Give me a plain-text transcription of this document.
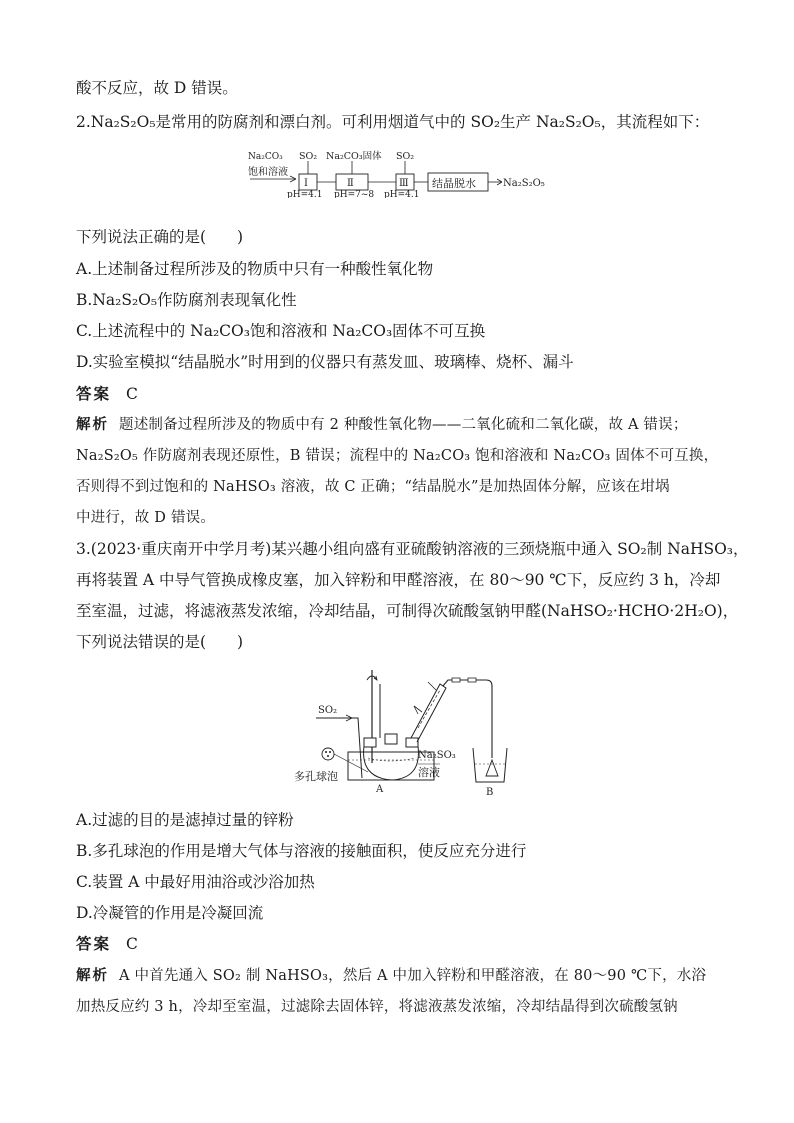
酸不反应，故 D 错误。
2.Na₂S₂O₅是常用的防腐剂和漂白剂。可利用烟道气中的 SO₂生产 Na₂S₂O₅，其流程如下：
Na₂CO₃
饱和溶液
SO₂
Ⅰ
pH=4.1
Na₂CO₃固体
Ⅱ
pH=7~8
SO₂
Ⅲ
pH=4.1
结晶脱水	Na₂S₂O₅
下列说法正确的是(　　)
A.上述制备过程所涉及的物质中只有一种酸性氧化物
B.Na₂S₂O₅作防腐剂表现氧化性
C.上述流程中的 Na₂CO₃饱和溶液和 Na₂CO₃固体不可互换
D.实验室模拟“结晶脱水”时用到的仪器只有蒸发皿、玻璃棒、烧杯、漏斗
答案 C
解析 题述制备过程所涉及的物质中有 2 种酸性氧化物——二氧化硫和二氧化碳，故 A 错误；
Na₂S₂O₅ 作防腐剂表现还原性，B 错误；流程中的 Na₂CO₃ 饱和溶液和 Na₂CO₃ 固体不可互换，
否则得不到过饱和的 NaHSO₃ 溶液，故 C 正确；“结晶脱水”是加热固体分解，应该在坩埚
中进行，故 D 错误。
3.(2023·重庆南开中学月考)某兴趣小组向盛有亚硫酸钠溶液的三颈烧瓶中通入 SO₂制 NaHSO₃，
再将装置 A 中导气管换成橡皮塞，加入锌粉和甲醛溶液，在 80～90 ℃下，反应约 3 h，冷却
至室温，过滤，将滤液蒸发浓缩，冷却结晶，可制得次硫酸氢钠甲醛(NaHSO₂·HCHO·2H₂O)，
下列说法错误的是(　　)
SO₂
B
多孔球泡
Na₂SO₃
溶液
A
A.过滤的目的是滤掉过量的锌粉
B.多孔球泡的作用是增大气体与溶液的接触面积，使反应充分进行
C.装置 A 中最好用油浴或沙浴加热
D.冷凝管的作用是冷凝回流
答案 C
解析 A 中首先通入 SO₂ 制 NaHSO₃，然后 A 中加入锌粉和甲醛溶液，在 80～90 ℃下，水浴
加热反应约 3 h，冷却至室温，过滤除去固体锌，将滤液蒸发浓缩，冷却结晶得到次硫酸氢钠
